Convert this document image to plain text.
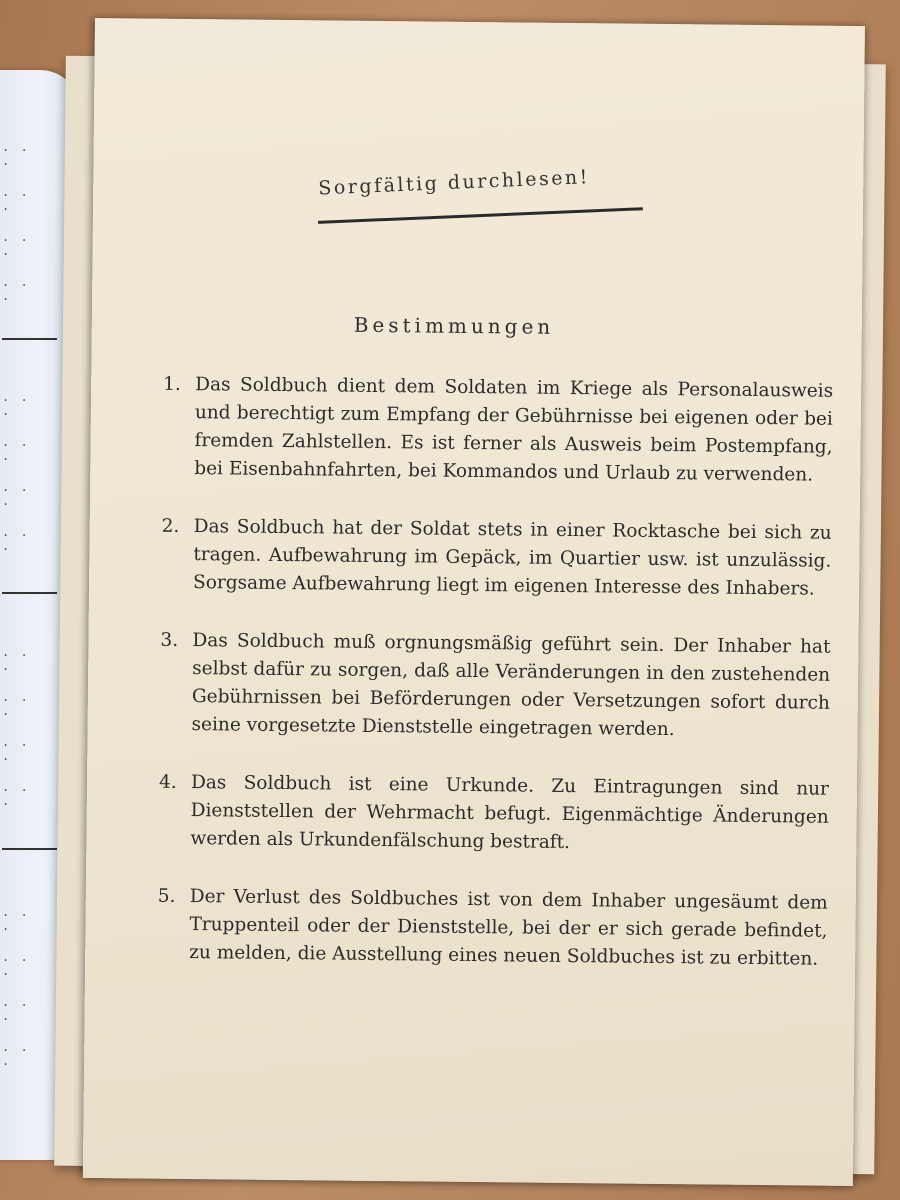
. . .
. . .
. . .
. . .
. . .
. . .
. . .
. . .
. . .
. . .
. . .
. . .
. . .
. . .
. . .
. . .
Sorgfältig durchlesen!
Bestimmungen
1. Das Soldbuch dient dem Soldaten im Kriege als Personalausweis und berechtigt zum Empfang der Gebührnisse bei eigenen oder bei fremden Zahlstellen. Es ist ferner als Ausweis beim Postempfang, bei Eisenbahnfahrten, bei Kommandos und Urlaub zu verwenden.
2. Das Soldbuch hat der Soldat stets in einer Rocktasche bei sich zu tragen. Aufbewahrung im Gepäck, im Quartier usw. ist unzulässig. Sorgsame Aufbewahrung liegt im eigenen Interesse des Inhabers.
3. Das Soldbuch muß orgnungsmäßig geführt sein. Der Inhaber hat selbst dafür zu sorgen, daß alle Veränderungen in den zustehenden Gebührnissen bei Beförderungen oder Versetzungen sofort durch seine vorgesetzte Dienststelle eingetragen werden.
4. Das Soldbuch ist eine Urkunde. Zu Eintragungen sind nur Dienststellen der Wehrmacht befugt. Eigenmächtige Änderungen werden als Urkundenfälschung bestraft.
5. Der Verlust des Soldbuches ist von dem Inhaber ungesäumt dem Truppenteil oder der Dienststelle, bei der er sich gerade befindet, zu melden, die Ausstellung eines neuen Soldbuches ist zu erbitten.
